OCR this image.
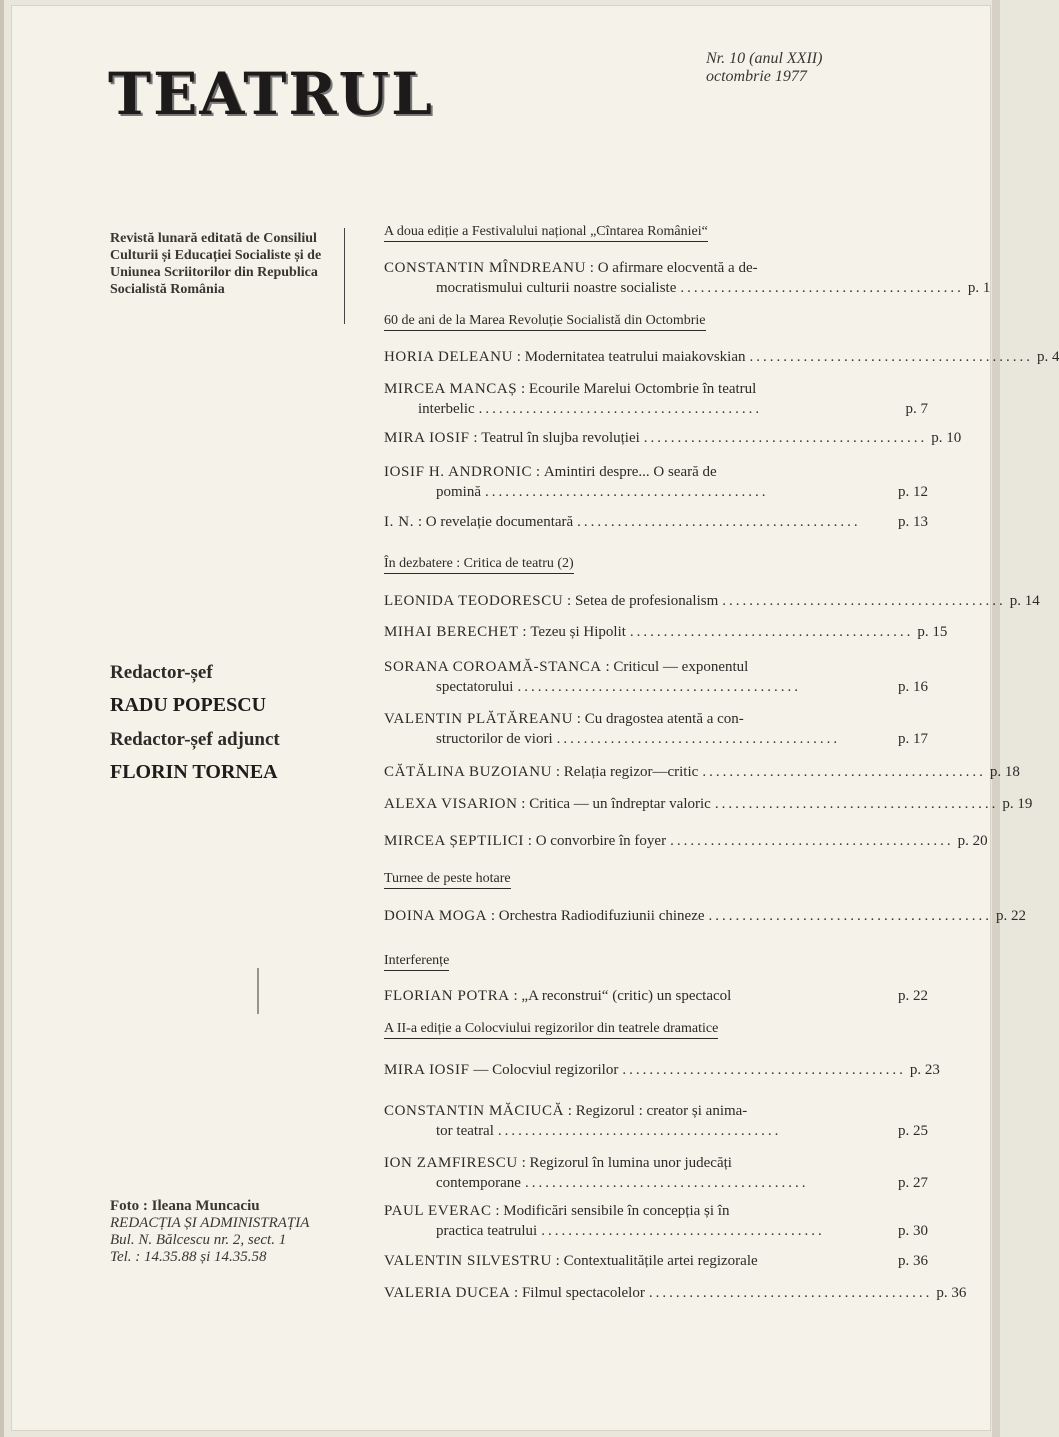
TEATRUL
Nr. 10 (anul XXII)
octombrie 1977
Revistă lunară editată de Consiliul Culturii și Educației Socialiste și de Uniunea Scriitorilor din Republica Socialistă România
Redactor-șef
RADU POPESCU
Redactor-șef adjunct
FLORIN TORNEA
Foto : Ileana Muncaciu
REDACȚIA ȘI ADMINISTRAȚIA
Bul. N. Bălcescu nr. 2, sect. 1
Tel. : 14.35.88 și 14.35.58
A doua ediție a Festivalului național „Cîntarea României“
CONSTANTIN MÎNDREANU : O afirmare elocventă a de-
mocratismului culturii noastre socialiste .......................................... p. 1
60 de ani de la Marea Revoluție Socialistă din Octombrie
HORIA DELEANU : Modernitatea teatrului maiakovskian .......................................... p. 4
MIRCEA MANCAȘ : Ecourile Marelui Octombrie în teatrul
interbelic ..........................................	p. 7
MIRA IOSIF : Teatrul în slujba revoluției .......................................... p. 10
IOSIF H. ANDRONIC : Amintiri despre... O seară de
pomină ..........................................	p. 12
I. N. : O revelație documentară ..........................................	p. 13
În dezbatere : Critica de teatru (2)
LEONIDA TEODORESCU : Setea de profesionalism .......................................... p. 14
MIHAI BERECHET : Tezeu și Hipolit .......................................... p. 15
SORANA COROAMĂ-STANCA : Criticul — exponentul
spectatorului ..........................................	p. 16
VALENTIN PLĂTĂREANU : Cu dragostea atentă a con-
structorilor de viori ..........................................	p. 17
CĂTĂLINA BUZOIANU : Relația regizor—critic .......................................... p. 18
ALEXA VISARION : Critica — un îndreptar valoric .......................................... p. 19
MIRCEA ȘEPTILICI : O convorbire în foyer .......................................... p. 20
Turnee de peste hotare
DOINA MOGA : Orchestra Radiodifuziunii chineze .......................................... p. 22
Interferențe
FLORIAN POTRA : „A reconstrui“ (critic) un spectacol
	p. 22
A II-a ediție a Colocviului regizorilor din teatrele dramatice
MIRA IOSIF — Colocviul regizorilor .......................................... p. 23
CONSTANTIN MĂCIUCĂ : Regizorul : creator și anima-
tor teatral ..........................................	p. 25
ION ZAMFIRESCU : Regizorul în lumina unor judecăți
contemporane ..........................................	p. 27
PAUL EVERAC : Modificări sensibile în concepția și în
practica teatrului ..........................................	p. 30
VALENTIN SILVESTRU : Contextualitățile artei regizorale
	p. 36
VALERIA DUCEA : Filmul spectacolelor .......................................... p. 36
